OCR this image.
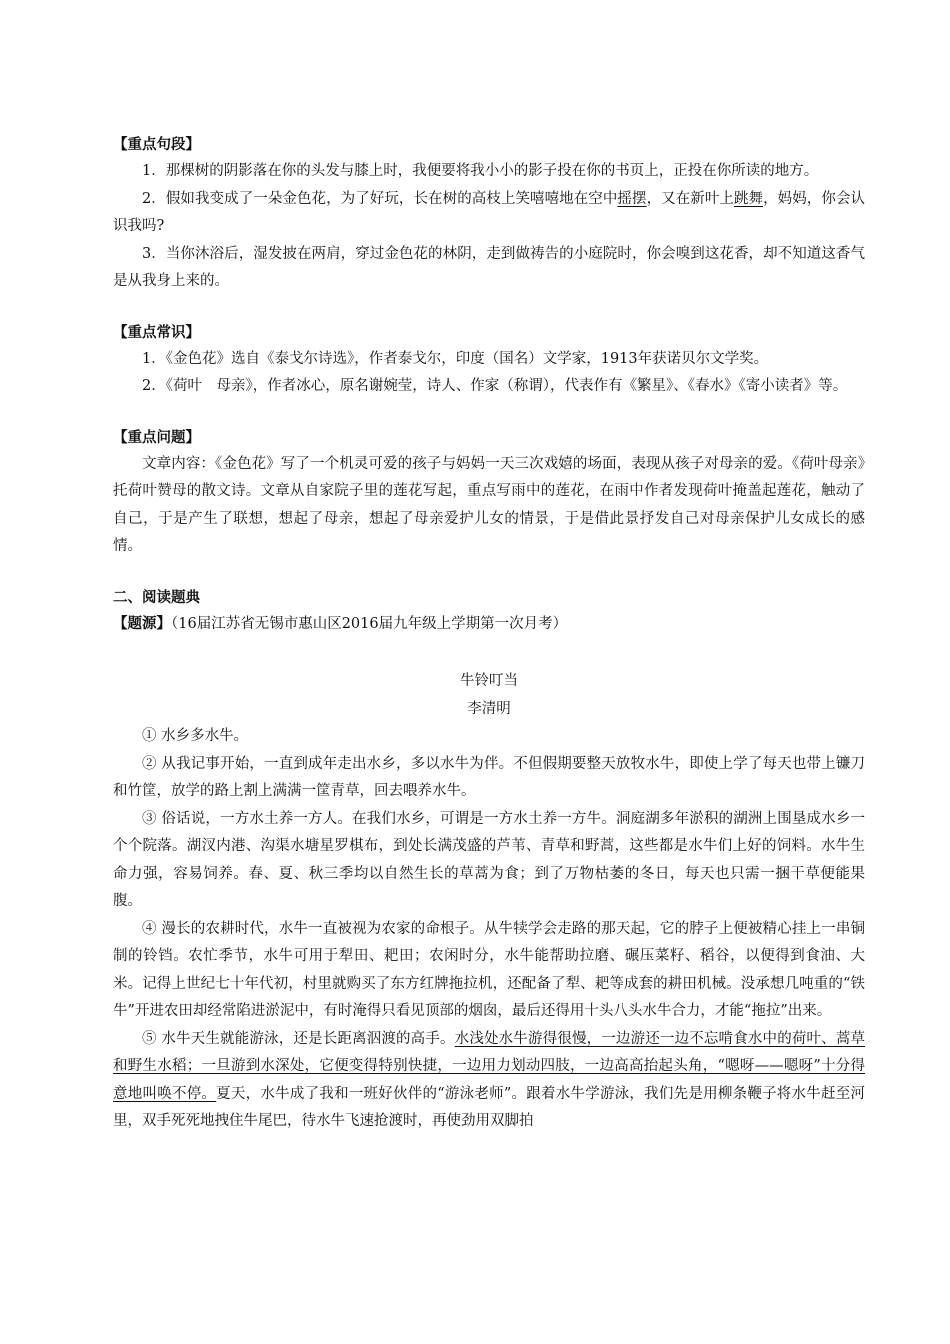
【重点句段】

1．那棵树的阴影落在你的头发与膝上时，我便要将我小小的影子投在你的书页上，正投在你所读的地方。

2．假如我变成了一朵金色花，为了好玩，长在树的高枝上笑嘻嘻地在空中摇摆，又在新叶上跳舞，妈妈，你会认识我吗?

3．当你沐浴后，湿发披在两肩，穿过金色花的林阴，走到做祷告的小庭院时，你会嗅到这花香，却不知道这香气是从我身上来的。

【重点常识】

1．《金色花》选自《泰戈尔诗选》，作者泰戈尔，印度（国名）文学家，1913年获诺贝尔文学奖。

2．《荷叶　母亲》，作者冰心，原名谢婉莹，诗人、作家（称谓），代表作有《繁星》、《春水》《寄小读者》等。

【重点问题】

文章内容：《金色花》写了一个机灵可爱的孩子与妈妈一天三次戏嬉的场面，表现从孩子对母亲的爱。《荷叶母亲》托荷叶赞母的散文诗。文章从自家院子里的莲花写起，重点写雨中的莲花，在雨中作者发现荷叶掩盖起莲花，触动了自己，于是产生了联想，想起了母亲，想起了母亲爱护儿女的情景，于是借此景抒发自己对母亲保护儿女成长的感情。

二、阅读题典

【题源】（16届江苏省无锡市惠山区2016届九年级上学期第一次月考）

牛铃叮当

李清明

① 水乡多水牛。

② 从我记事开始，一直到成年走出水乡，多以水牛为伴。不但假期要整天放牧水牛，即使上学了每天也带上镰刀和竹筐，放学的路上割上满满一筐青草，回去喂养水牛。

③ 俗话说，一方水土养一方人。在我们水乡，可谓是一方水土养一方牛。洞庭湖多年淤积的湖洲上围垦成水乡一个个院落。湖汊内港、沟渠水塘星罗棋布，到处长满茂盛的芦苇、青草和野蒿，这些都是水牛们上好的饲料。水牛生命力强，容易饲养。春、夏、秋三季均以自然生长的草蒿为食；到了万物枯萎的冬日，每天也只需一捆干草便能果腹。

④ 漫长的农耕时代，水牛一直被视为农家的命根子。从牛犊学会走路的那天起，它的脖子上便被精心挂上一串铜制的铃铛。农忙季节，水牛可用于犁田、耙田；农闲时分，水牛能帮助拉磨、碾压菜籽、稻谷，以便得到食油、大米。记得上世纪七十年代初，村里就购买了东方红牌拖拉机，还配备了犁、耙等成套的耕田机械。没承想几吨重的“铁牛”开进农田却经常陷进淤泥中，有时淹得只看见顶部的烟囱，最后还得用十头八头水牛合力，才能“拖拉”出来。

⑤ 水牛天生就能游泳，还是长距离泅渡的高手。水浅处水牛游得很慢，一边游还一边不忘啃食水中的荷叶、蒿草和野生水稻；一旦游到水深处，它便变得特别快捷，一边用力划动四肢，一边高高抬起头角，“嗯呀——嗯呀”十分得意地叫唤不停。夏天，水牛成了我和一班好伙伴的“游泳老师”。跟着水牛学游泳，我们先是用柳条鞭子将水牛赶至河里，双手死死地拽住牛尾巴，待水牛飞速抢渡时，再使劲用双脚拍
